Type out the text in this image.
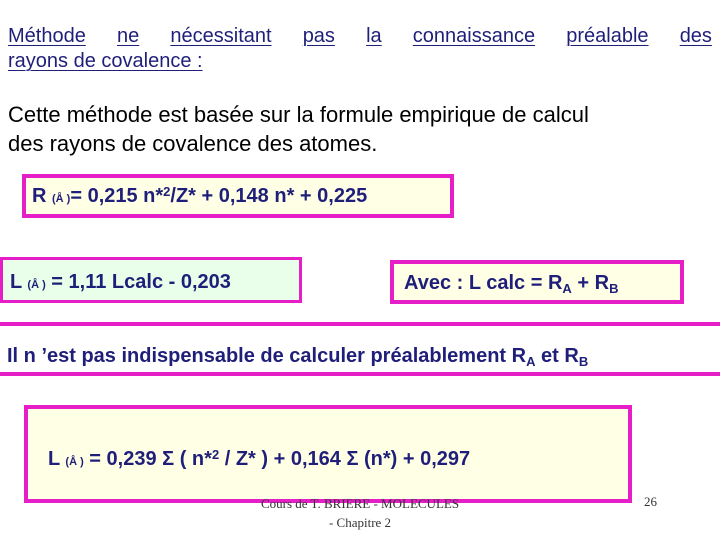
Méthode ne nécessitant pas la connaissance préalable des
rayons de covalence :
Cette méthode est basée sur la formule empirique de calcul
des rayons de covalence des atomes.
R (Å )= 0,215 n*$^2$/Z* + 0,148 n* + 0,225
L (Å ) = 1,11 Lcalc - 0,203	Avec : L calc = $R_A + R_B$
Il n ’est pas indispensable de calculer préalablement $R_A$ et $R_B$
L (Å ) = 0,239 Σ ( n*$^2$ / Z* ) + 0,164 Σ (n*) + 0,297
Cours de T. BRIERE - MOLECULES
- Chapitre 2
26
